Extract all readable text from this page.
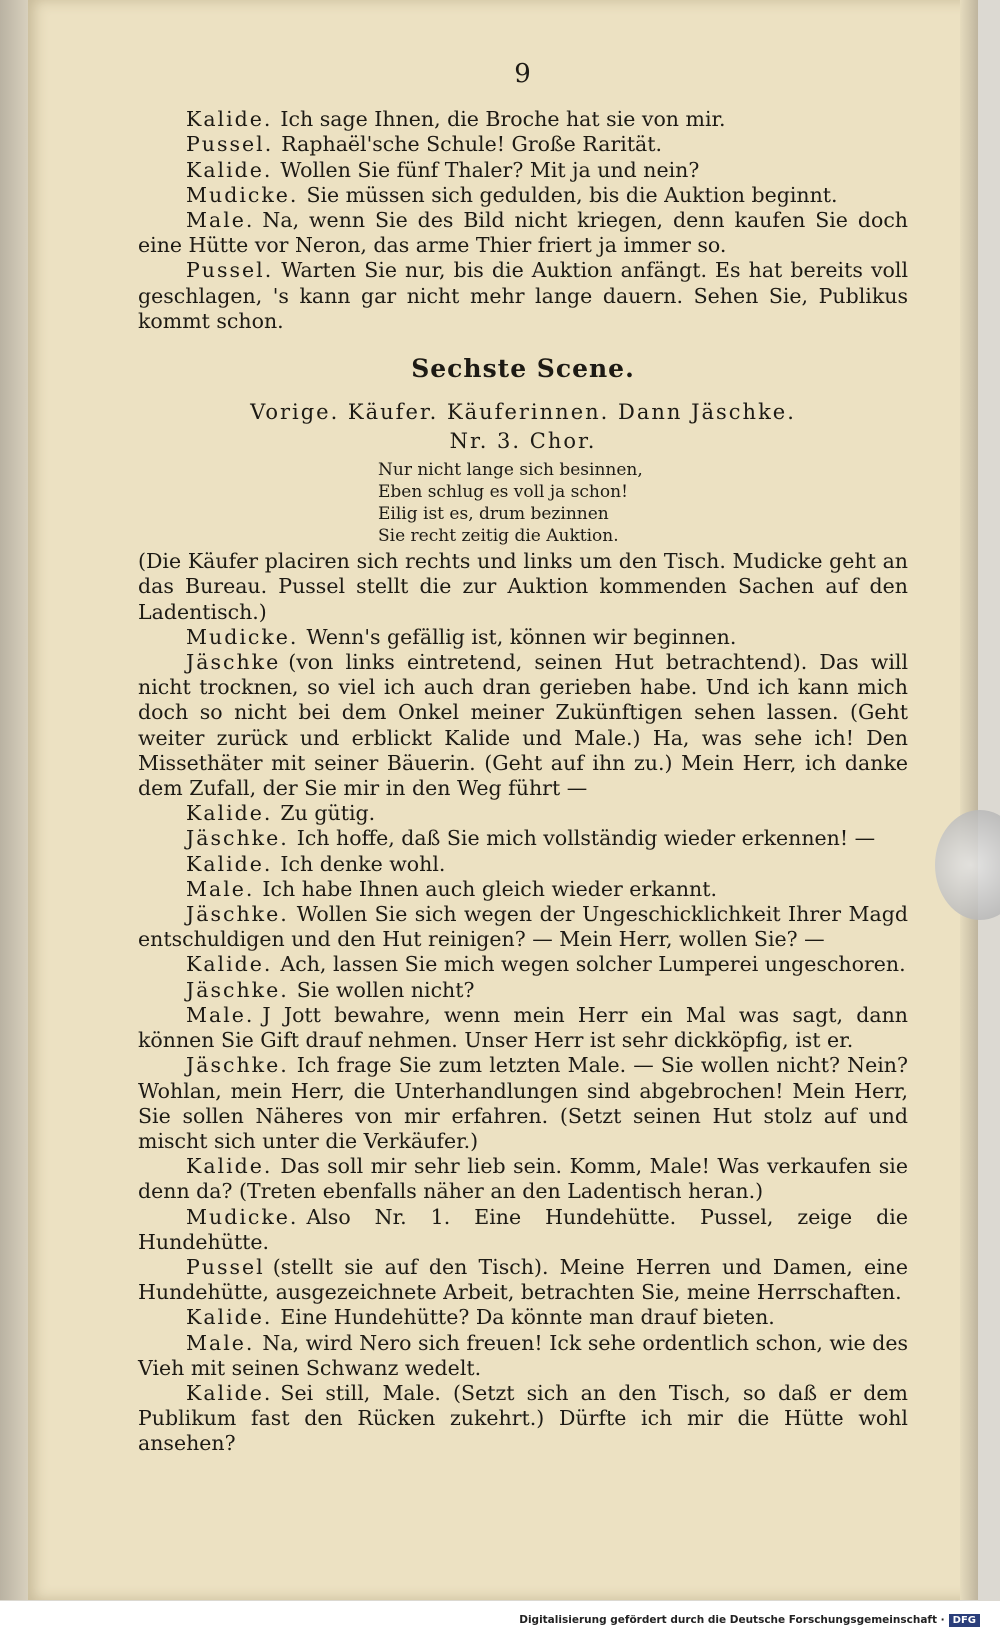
9

Kalide. Ich sage Ihnen, die Broche hat sie von mir.

Pussel. Raphaël'sche Schule! Große Rarität.

Kalide. Wollen Sie fünf Thaler? Mit ja und nein?

Mudicke. Sie müssen sich gedulden, bis die Auktion beginnt.

Male. Na, wenn Sie des Bild nicht kriegen, denn kaufen Sie doch eine Hütte vor Neron, das arme Thier friert ja immer so.

Pussel. Warten Sie nur, bis die Auktion anfängt. Es hat bereits voll geschlagen, 's kann gar nicht mehr lange dauern. Sehen Sie, Publikus kommt schon.

Sechste Scene.
Vorige. Käufer. Käuferinnen. Dann Jäschke.
Nr. 3. Chor.
Nur nicht lange sich besinnen,
Eben schlug es voll ja schon!
Eilig ist es, drum bezinnen
Sie recht zeitig die Auktion.

(Die Käufer placiren sich rechts und links um den Tisch. Mudicke geht an das Bureau. Pussel stellt die zur Auktion kommenden Sachen auf den Ladentisch.)

Mudicke. Wenn's gefällig ist, können wir beginnen.

Jäschke (von links eintretend, seinen Hut betrachtend). Das will nicht trocknen, so viel ich auch dran gerieben habe. Und ich kann mich doch so nicht bei dem Onkel meiner Zukünftigen sehen lassen. (Geht weiter zurück und erblickt Kalide und Male.) Ha, was sehe ich! Den Missethäter mit seiner Bäuerin. (Geht auf ihn zu.) Mein Herr, ich danke dem Zufall, der Sie mir in den Weg führt —

Kalide. Zu gütig.

Jäschke. Ich hoffe, daß Sie mich vollständig wieder erkennen! —

Kalide. Ich denke wohl.

Male. Ich habe Ihnen auch gleich wieder erkannt.

Jäschke. Wollen Sie sich wegen der Ungeschicklichkeit Ihrer Magd entschuldigen und den Hut reinigen? — Mein Herr, wollen Sie? —

Kalide. Ach, lassen Sie mich wegen solcher Lumperei ungeschoren.

Jäschke. Sie wollen nicht?

Male. J Jott bewahre, wenn mein Herr ein Mal was sagt, dann können Sie Gift drauf nehmen. Unser Herr ist sehr dickköpfig, ist er.

Jäschke. Ich frage Sie zum letzten Male. — Sie wollen nicht? Nein? Wohlan, mein Herr, die Unterhandlungen sind abgebrochen! Mein Herr, Sie sollen Näheres von mir erfahren. (Setzt seinen Hut stolz auf und mischt sich unter die Verkäufer.)

Kalide. Das soll mir sehr lieb sein. Komm, Male! Was verkaufen sie denn da? (Treten ebenfalls näher an den Ladentisch heran.)

Mudicke. Also Nr. 1. Eine Hundehütte. Pussel, zeige die Hundehütte.

Pussel (stellt sie auf den Tisch). Meine Herren und Damen, eine Hundehütte, ausgezeichnete Arbeit, betrachten Sie, meine Herrschaften.

Kalide. Eine Hundehütte? Da könnte man drauf bieten.

Male. Na, wird Nero sich freuen! Ick sehe ordentlich schon, wie des Vieh mit seinen Schwanz wedelt.

Kalide. Sei still, Male. (Setzt sich an den Tisch, so daß er dem Publikum fast den Rücken zukehrt.) Dürfte ich mir die Hütte wohl ansehen?

Digitalisierung gefördert durch die Deutsche Forschungsgemeinschaft · DFG
